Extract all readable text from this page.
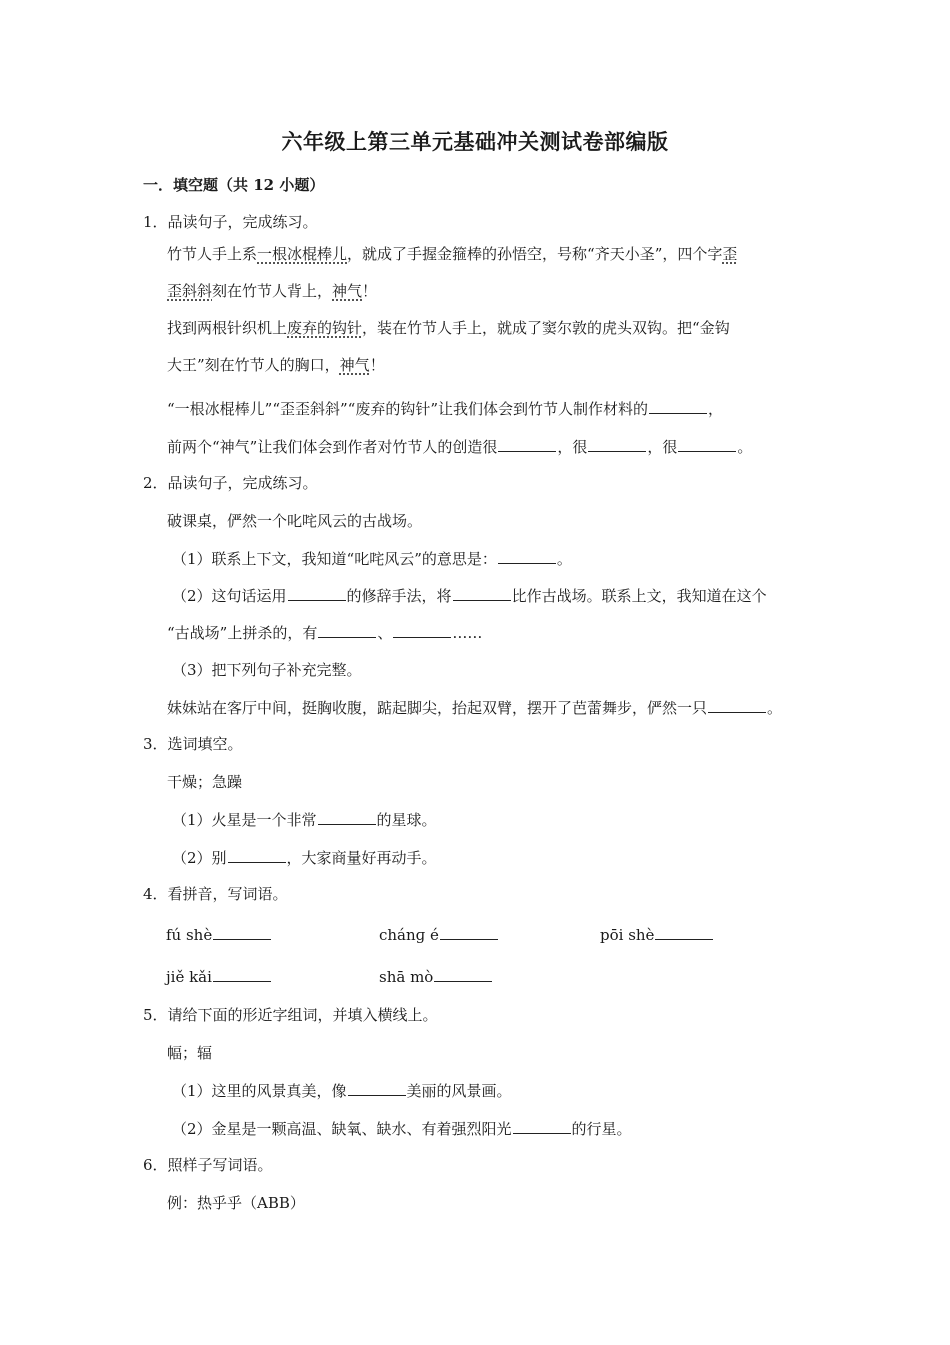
六年级上第三单元基础冲关测试卷部编版
一．填空题（共 12 小题）
1．品读句子，完成练习。
竹节人手上系一根冰棍棒儿，就成了手握金箍棒的孙悟空，号称“齐天小圣”，四个字歪
歪斜斜刻在竹节人背上，神气！
找到两根针织机上废弃的钩针，装在竹节人手上，就成了窦尔敦的虎头双钩。把“金钩
大王”刻在竹节人的胸口，神气！
“一根冰棍棒儿”“歪歪斜斜”“废弃的钩针”让我们体会到竹节人制作材料的	，
前两个“神气”让我们体会到作者对竹节人的创造很	，很	，很	。
2．品读句子，完成练习。
破课桌，俨然一个叱咤风云的古战场。
（1）联系上下文，我知道“叱咤风云”的意思是：	。
（2）这句话运用	的修辞手法，将	比作古战场。联系上文，我知道在这个
“古战场”上拼杀的，有	、	……
（3）把下列句子补充完整。
妹妹站在客厅中间，挺胸收腹，踮起脚尖，抬起双臂，摆开了芭蕾舞步，俨然一只	。
3．选词填空。
干燥；急躁
（1）火星是一个非常	的星球。
（2）别	，大家商量好再动手。
4．看拼音，写词语。
fú shè	chánɡ é	pōi shè
jiě kǎi	shā mò
5．请给下面的形近字组词，并填入横线上。
幅；辐
（1）这里的风景真美，像	美丽的风景画。
（2）金星是一颗高温、缺氧、缺水、有着强烈阳光	的行星。
6．照样子写词语。
例：热乎乎（ABB）
